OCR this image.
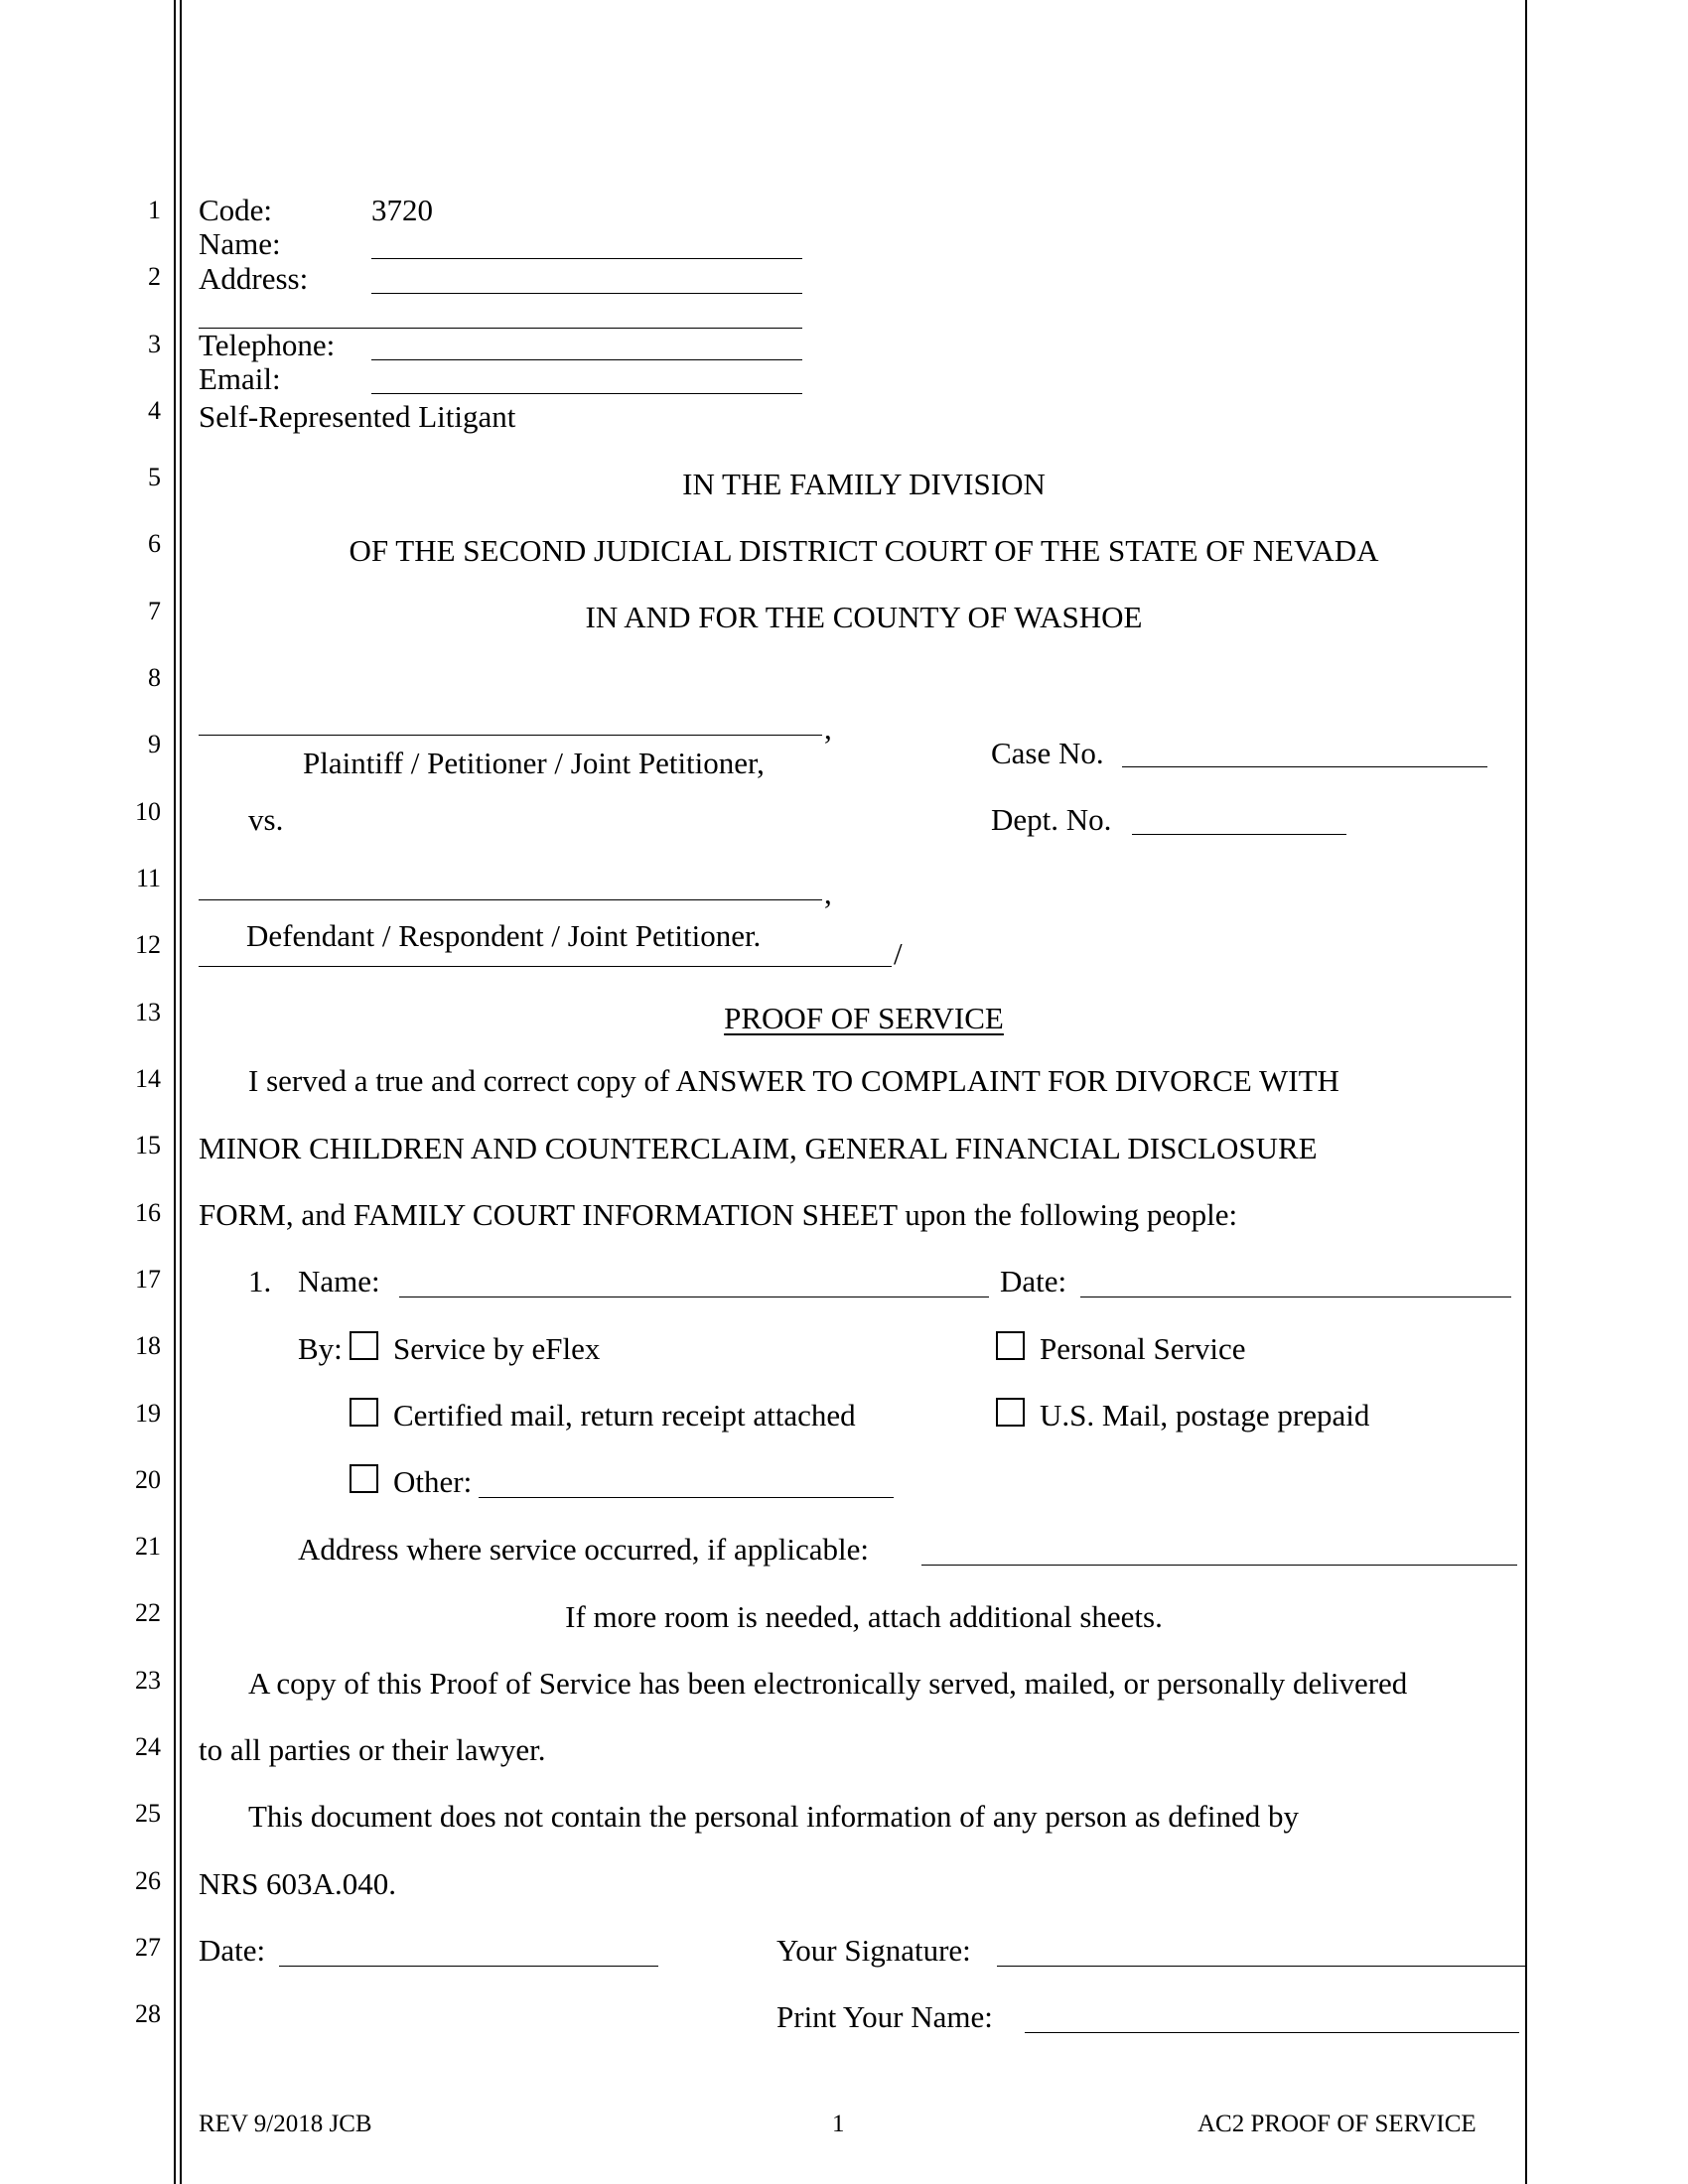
1
2
3
4
5
6
7
8
9
10
11
12
13
14
15
16
17
18
19
20
21
22
23
24
25
26
27
28
Code:	3720
Name:
Address:
Telephone:
Email:
Self-Represented Litigant
IN THE FAMILY DIVISION
OF THE SECOND JUDICIAL DISTRICT COURT OF THE STATE OF NEVADA
IN AND FOR THE COUNTY OF WASHOE
,
Plaintiff / Petitioner / Joint Petitioner,
vs.
,
Defendant / Respondent / Joint Petitioner.
/
Case No.
Dept. No.
PROOF OF SERVICE
I served a true and correct copy of ANSWER TO COMPLAINT FOR DIVORCE WITH
MINOR CHILDREN AND COUNTERCLAIM, GENERAL FINANCIAL DISCLOSURE
FORM, and FAMILY COURT INFORMATION SHEET upon the following people:
1. Name:	Date:
By: Service by eFlex	Personal Service
Certified mail, return receipt attached	U.S. Mail, postage prepaid
Other:
Address where service occurred, if applicable:
If more room is needed, attach additional sheets.
A copy of this Proof of Service has been electronically served, mailed, or personally delivered
to all parties or their lawyer.
This document does not contain the personal information of any person as defined by
NRS 603A.040.
Date:	Your Signature:
Print Your Name:
REV 9/2018 JCB	1	AC2 PROOF OF SERVICE
